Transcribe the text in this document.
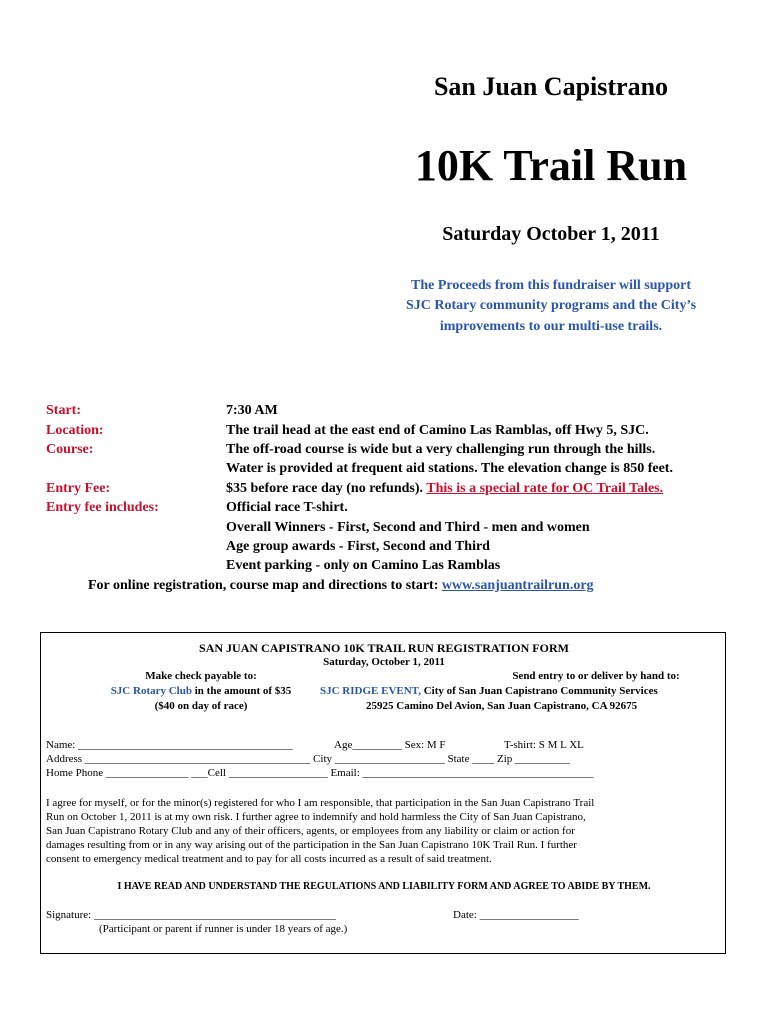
San Juan Capistrano
10K Trail Run
Saturday October 1, 2011
The Proceeds from this fundraiser will support
SJC Rotary community programs and the City’s
improvements to our multi-use trails.
Start:	7:30 AM
Location:	The trail head at the east end of Camino Las Ramblas, off Hwy 5, SJC.
Course:	The off-road course is wide but a very challenging run through the hills.
Water is provided at frequent aid stations. The elevation change is 850 feet.
Entry Fee:	$35 before race day (no refunds). This is a special rate for OC Trail Tales.
Entry fee includes:	Official race T-shirt.
Overall Winners - First, Second and Third - men and women
Age group awards - First, Second and Third
Event parking - only on Camino Las Ramblas
For online registration, course map and directions to start: www.sanjuantrailrun.org
SAN JUAN CAPISTRANO 10K TRAIL RUN REGISTRATION FORM
Saturday, October 1, 2011
Make check payable to:
SJC Rotary Club in the amount of $35
($40 on day of race)
Send entry to or deliver by hand to:
SJC RIDGE EVENT, City of San Juan Capistrano Community Services
25925 Camino Del Avion, San Juan Capistrano, CA 92675
Name: _______________________________________	Age_________ Sex: M F	T-shirt: S M L XL
Address _________________________________________ City ____________________ State ____ Zip __________
Home Phone _______________ ___Cell __________________ Email: __________________________________________
I agree for myself, or for the minor(s) registered for who I am responsible, that participation in the San Juan Capistrano Trail
Run on October 1, 2011 is at my own risk. I further agree to indemnify and hold harmless the City of San Juan Capistrano,
San Juan Capistrano Rotary Club and any of their officers, agents, or employees from any liability or claim or action for
damages resulting from or in any way arising out of the participation in the San Juan Capistrano 10K Trail Run. I further
consent to emergency medical treatment and to pay for all costs incurred as a result of said treatment.
I HAVE READ AND UNDERSTAND THE REGULATIONS AND LIABILITY FORM AND AGREE TO ABIDE BY THEM.
Signature: ____________________________________________	Date: __________________
(Participant or parent if runner is under 18 years of age.)
